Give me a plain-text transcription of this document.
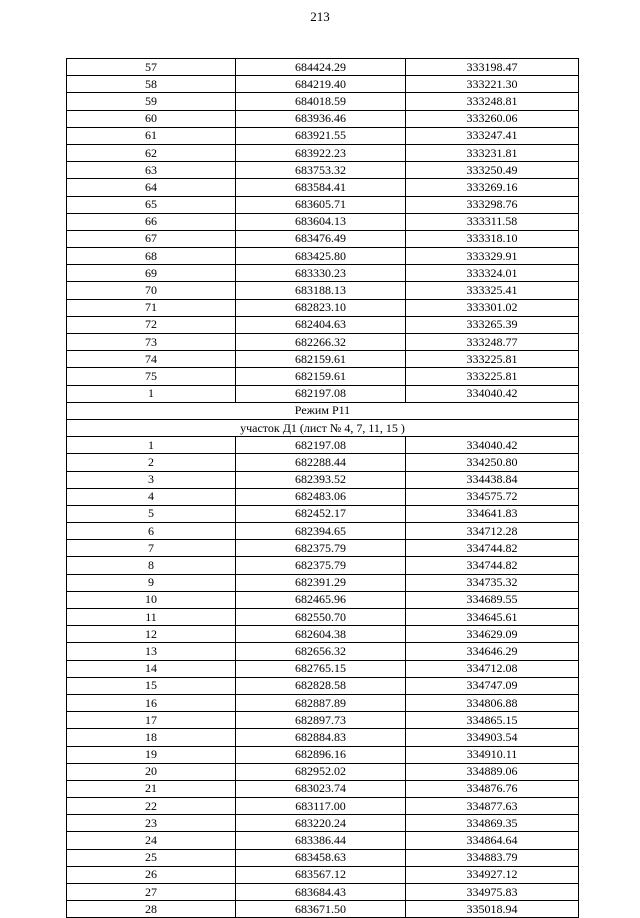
213
57	684424.29	333198.47
58	684219.40	333221.30
59	684018.59	333248.81
60	683936.46	333260.06
61	683921.55	333247.41
62	683922.23	333231.81
63	683753.32	333250.49
64	683584.41	333269.16
65	683605.71	333298.76
66	683604.13	333311.58
67	683476.49	333318.10
68	683425.80	333329.91
69	683330.23	333324.01
70	683188.13	333325.41
71	682823.10	333301.02
72	682404.63	333265.39
73	682266.32	333248.77
74	682159.61	333225.81
75	682159.61	333225.81
1	682197.08	334040.42
Режим Р11		
участок Д1 (лист № 4, 7, 11, 15 )		
1	682197.08	334040.42
2	682288.44	334250.80
3	682393.52	334438.84
4	682483.06	334575.72
5	682452.17	334641.83
6	682394.65	334712.28
7	682375.79	334744.82
8	682375.79	334744.82
9	682391.29	334735.32
10	682465.96	334689.55
11	682550.70	334645.61
12	682604.38	334629.09
13	682656.32	334646.29
14	682765.15	334712.08
15	682828.58	334747.09
16	682887.89	334806.88
17	682897.73	334865.15
18	682884.83	334903.54
19	682896.16	334910.11
20	682952.02	334889.06
21	683023.74	334876.76
22	683117.00	334877.63
23	683220.24	334869.35
24	683386.44	334864.64
25	683458.63	334883.79
26	683567.12	334927.12
27	683684.43	334975.83
28	683671.50	335018.94
